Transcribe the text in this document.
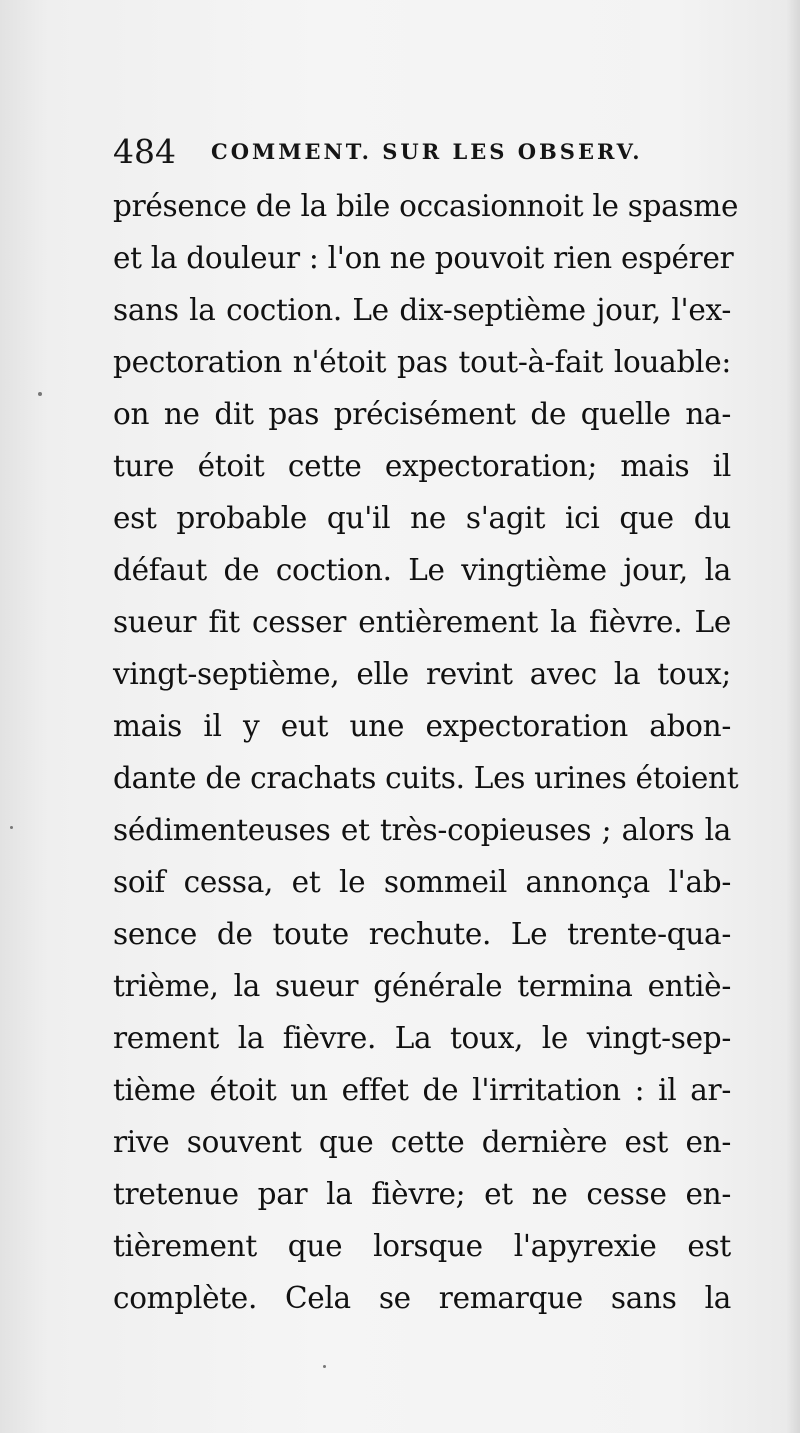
484 COMMENT. SUR LES OBSERV.
présence de la bile occasionnoit le spasme
et la douleur : l'on ne pouvoit rien espérer
sans la coction. Le dix-septième jour, l'ex-
pectoration n'étoit pas tout-à-fait louable:
on ne dit pas précisément de quelle na-
ture étoit cette expectoration; mais il
est probable qu'il ne s'agit ici que du
défaut de coction. Le vingtième jour, la
sueur fit cesser entièrement la fièvre. Le
vingt-septième, elle revint avec la toux;
mais il y eut une expectoration abon-
dante de crachats cuits. Les urines étoient
sédimenteuses et très-copieuses ; alors la
soif cessa, et le sommeil annonça l'ab-
sence de toute rechute. Le trente-qua-
trième, la sueur générale termina entiè-
rement la fièvre. La toux, le vingt-sep-
tième étoit un effet de l'irritation : il ar-
rive souvent que cette dernière est en-
tretenue par la fièvre; et ne cesse en-
tièrement que lorsque l'apyrexie est
complète. Cela se remarque sans la
